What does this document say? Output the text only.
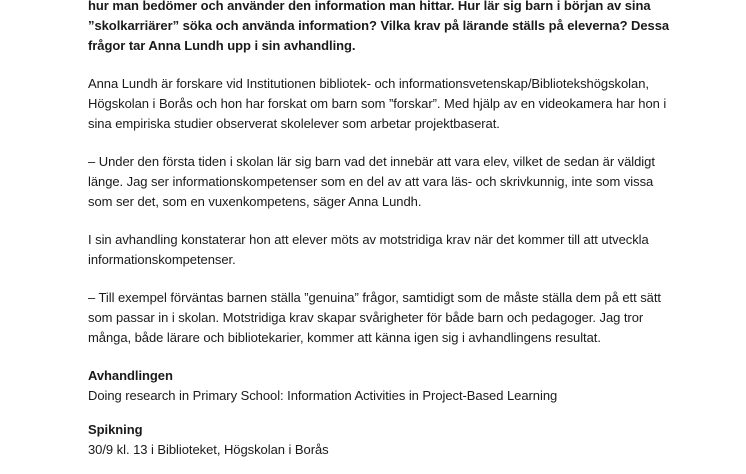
hur man bedömer och använder den information man hittar. Hur lär sig barn i början av sina
”skolkarriärer” söka och använda information? Vilka krav på lärande ställs på eleverna? Dessa
frågor tar Anna Lundh upp i sin avhandling.

Anna Lundh är forskare vid Institutionen bibliotek- och informationsvetenskap/Bibliotekshögskolan,
Högskolan i Borås och hon har forskat om barn som ”forskar”. Med hjälp av en videokamera har hon i
sina empiriska studier observerat skolelever som arbetar projektbaserat.

– Under den första tiden i skolan lär sig barn vad det innebär att vara elev, vilket de sedan är väldigt
länge. Jag ser informationskompetenser som en del av att vara läs- och skrivkunnig, inte som vissa
som ser det, som en vuxenkompetens, säger Anna Lundh.

I sin avhandling konstaterar hon att elever möts av motstridiga krav när det kommer till att utveckla
informationskompetenser.

– Till exempel förväntas barnen ställa ”genuina” frågor, samtidigt som de måste ställa dem på ett sätt
som passar in i skolan. Motstridiga krav skapar svårigheter för både barn och pedagoger. Jag tror
många, både lärare och bibliotekarier, kommer att känna igen sig i avhandlingens resultat.

Avhandlingen

Doing research in Primary School: Information Activities in Project-Based Learning

Spikning

30/9 kl. 13 i Biblioteket, Högskolan i Borås
